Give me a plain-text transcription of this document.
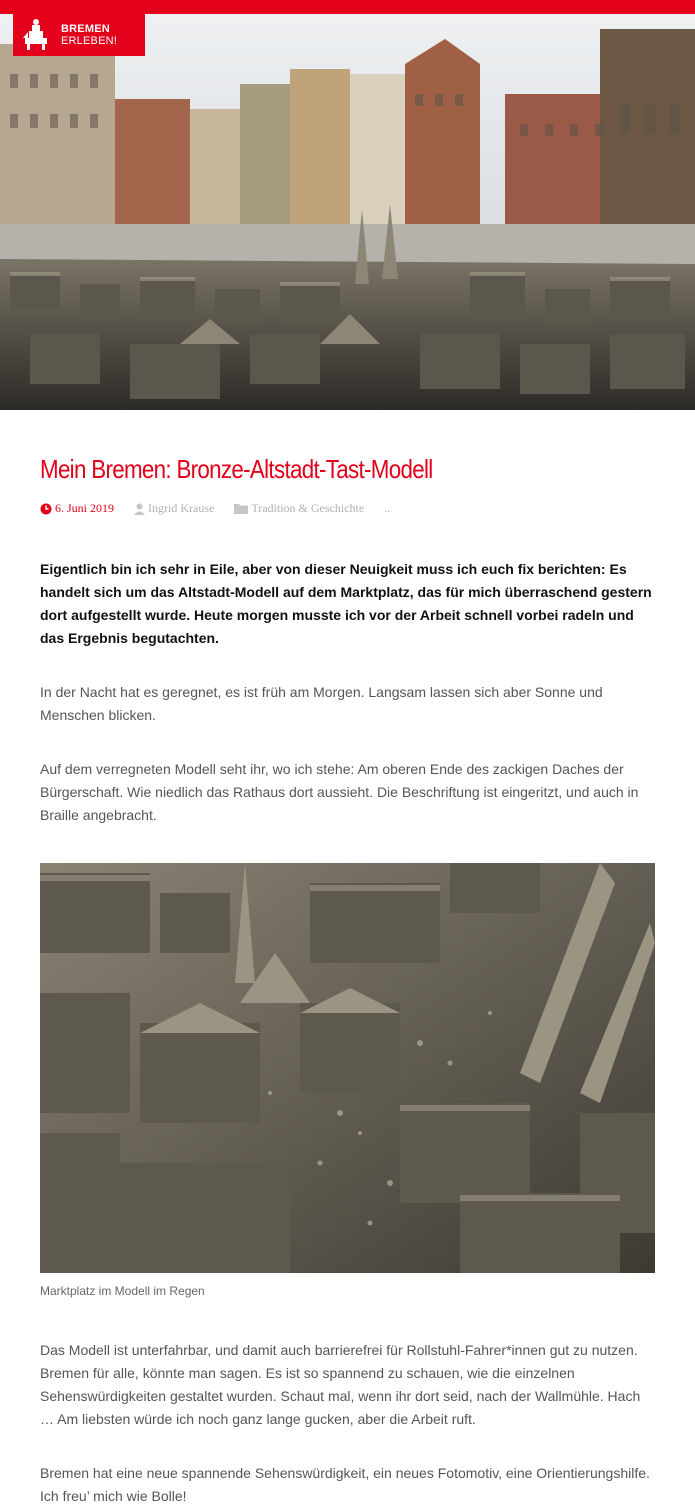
BREMEN
ERLEBEN!
Mein Bremen: Bronze-Altstadt-Tast-Modell
6. Juni 2019	Ingrid Krause	Tradition & Geschichte ..
Eigentlich bin ich sehr in Eile, aber von dieser Neuigkeit muss ich euch fix berichten: Es handelt sich um das Altstadt-Modell auf dem Marktplatz, das für mich überraschend gestern dort aufgestellt wurde. Heute morgen musste ich vor der Arbeit schnell vorbei radeln und das Ergebnis begutachten.

In der Nacht hat es geregnet, es ist früh am Morgen. Langsam lassen sich aber Sonne und Menschen blicken.

Auf dem verregneten Modell seht ihr, wo ich stehe: Am oberen Ende des zackigen Daches der Bürgerschaft. Wie niedlich das Rathaus dort aussieht. Die Beschriftung ist eingeritzt, und auch in Braille angebracht.

Marktplatz im Modell im Regen

Das Modell ist unterfahrbar, und damit auch barrierefrei für Rollstuhl-Fahrer*innen gut zu nutzen. Bremen für alle, könnte man sagen. Es ist so spannend zu schauen, wie die einzelnen Sehenswürdigkeiten gestaltet wurden. Schaut mal, wenn ihr dort seid, nach der Wallmühle. Hach … Am liebsten würde ich noch ganz lange gucken, aber die Arbeit ruft.

Bremen hat eine neue spannende Sehenswürdigkeit, ein neues Fotomotiv, eine Orientierungshilfe. Ich freu’ mich wie Bolle!
